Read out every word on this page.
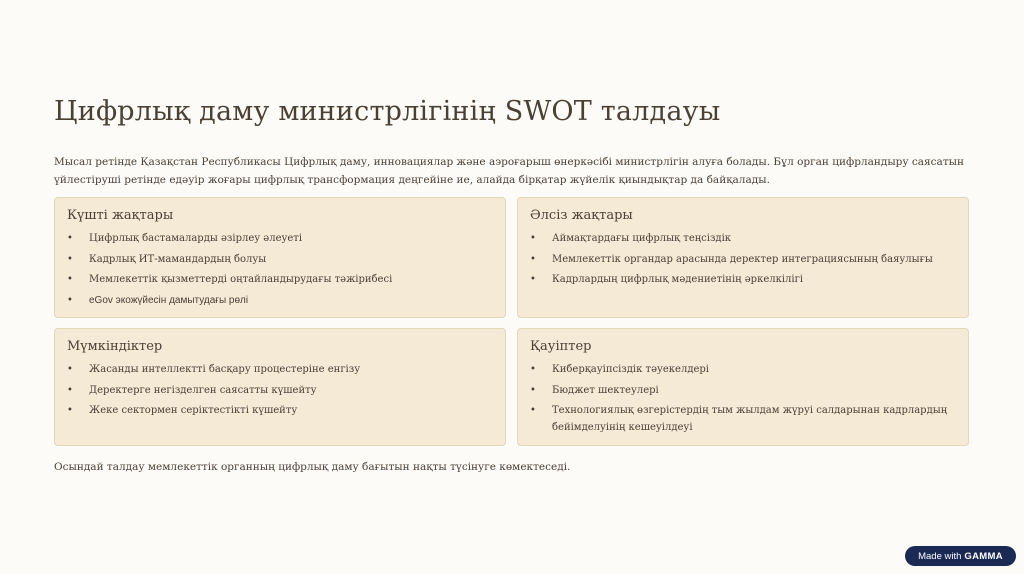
Цифрлық даму министрлігінің SWOT талдауы

Мысал ретінде Қазақстан Республикасы Цифрлық даму, инновациялар және аэроғарыш өнеркәсібі министрлігін алуға болады. Бұл орган цифрландыру саясатын үйлестіруші ретінде едәуір жоғары цифрлық трансформация деңгейіне ие, алайда бірқатар жүйелік қиындықтар да байқалады.

Күшті жақтары
• Цифрлық бастамаларды әзірлеу әлеуеті
• Кадрлық ИТ-мамандардың болуы
• Мемлекеттік қызметтерді оңтайландырудағы тәжірибесі
• eGov экожүйесін дамытудағы рөлі
Әлсіз жақтары
• Аймақтардағы цифрлық теңсіздік
• Мемлекеттік органдар арасында деректер интеграциясының баяулығы
• Кадрлардың цифрлық мәдениетінің әркелкілігі
Мүмкіндіктер
• Жасанды интеллектті басқару процестеріне енгізу
• Деректерге негізделген саясатты күшейту
• Жеке сектормен серіктестікті күшейту
Қауіптер
• Киберқауіпсіздік тәуекелдері
• Бюджет шектеулері
• Технологиялық өзгерістердің тым жылдам жүруі салдарынан кадрлардың бейімделуінің кешеуілдеуі

Осындай талдау мемлекеттік органның цифрлық даму бағытын нақты түсінуге көмектеседі.

Made with GAMMA
